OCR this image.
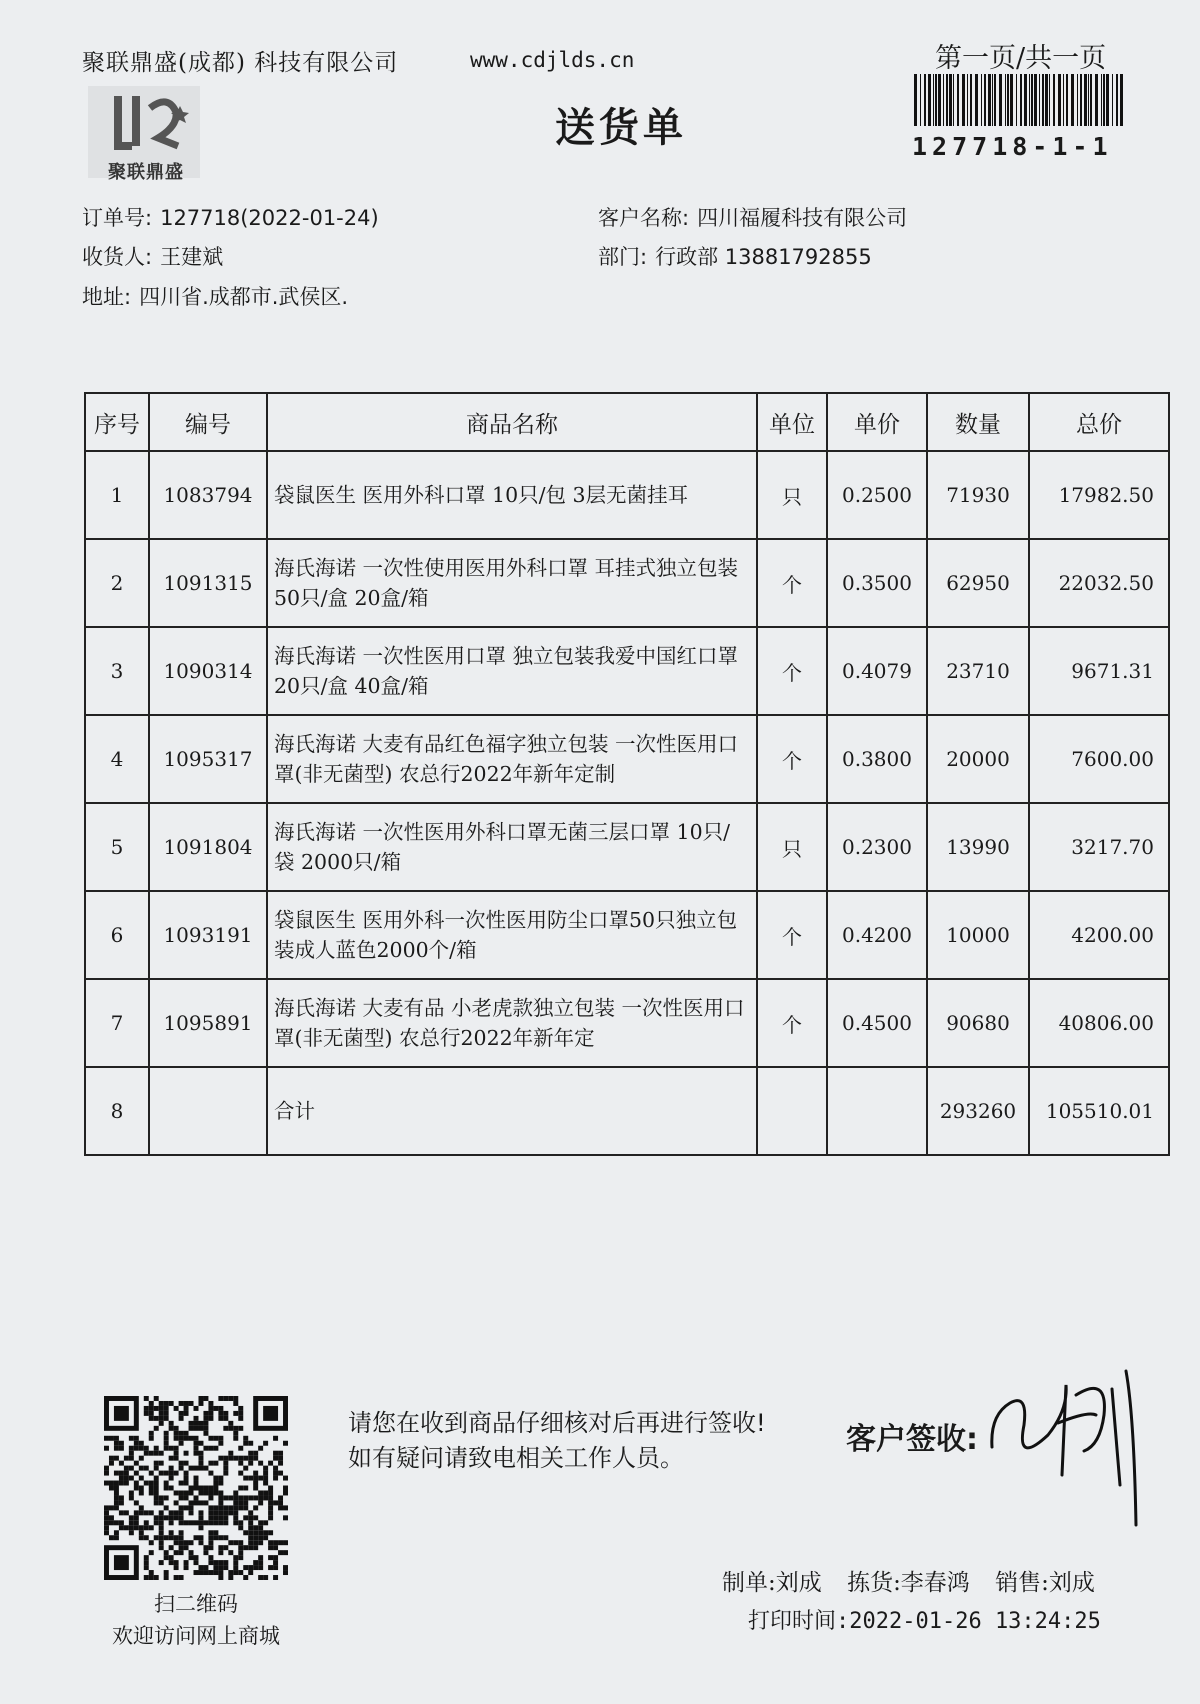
聚联鼎盛(成都) 科技有限公司	www.cdjlds.cn	第一页/共一页
聚联鼎盛
送货单	127718-1-1
订单号: 127718(2022-01-24)
收货人: 王建斌
地址: 四川省.成都市.武侯区.
客户名称: 四川福履科技有限公司
部门: 行政部 13881792855
序号	编号	商品名称	单位	单价	数量	总价
1	1083794	袋鼠医生 医用外科口罩 10只/包 3层无菌挂耳	只	0.2500	71930	17982.50
2	1091315	海氏海诺 一次性使用医用外科口罩 耳挂式独立包装 50只/盒 20盒/箱	个	0.3500	62950	22032.50
3	1090314	海氏海诺 一次性医用口罩 独立包装我爱中国红口罩 20只/盒 40盒/箱	个	0.4079	23710	9671.31
4	1095317	海氏海诺 大麦有品红色福字独立包装 一次性医用口罩(非无菌型) 农总行2022年新年定制	个	0.3800	20000	7600.00
5	1091804	海氏海诺 一次性医用外科口罩无菌三层口罩 10只/袋 2000只/箱	只	0.2300	13990	3217.70
6	1093191	袋鼠医生 医用外科一次性医用防尘口罩50只独立包装成人蓝色2000个/箱	个	0.4200	10000	4200.00
7	1095891	海氏海诺 大麦有品 小老虎款独立包装 一次性医用口罩(非无菌型) 农总行2022年新年定	个	0.4500	90680	40806.00
8		合计			293260	105510.01
扫二维码
欢迎访问网上商城
请您在收到商品仔细核对后再进行签收!如有疑问请致电相关工作人员。
客户签收:
制单:刘成 拣货:李春鸿 销售:刘成
打印时间:2022-01-26 13:24:25
